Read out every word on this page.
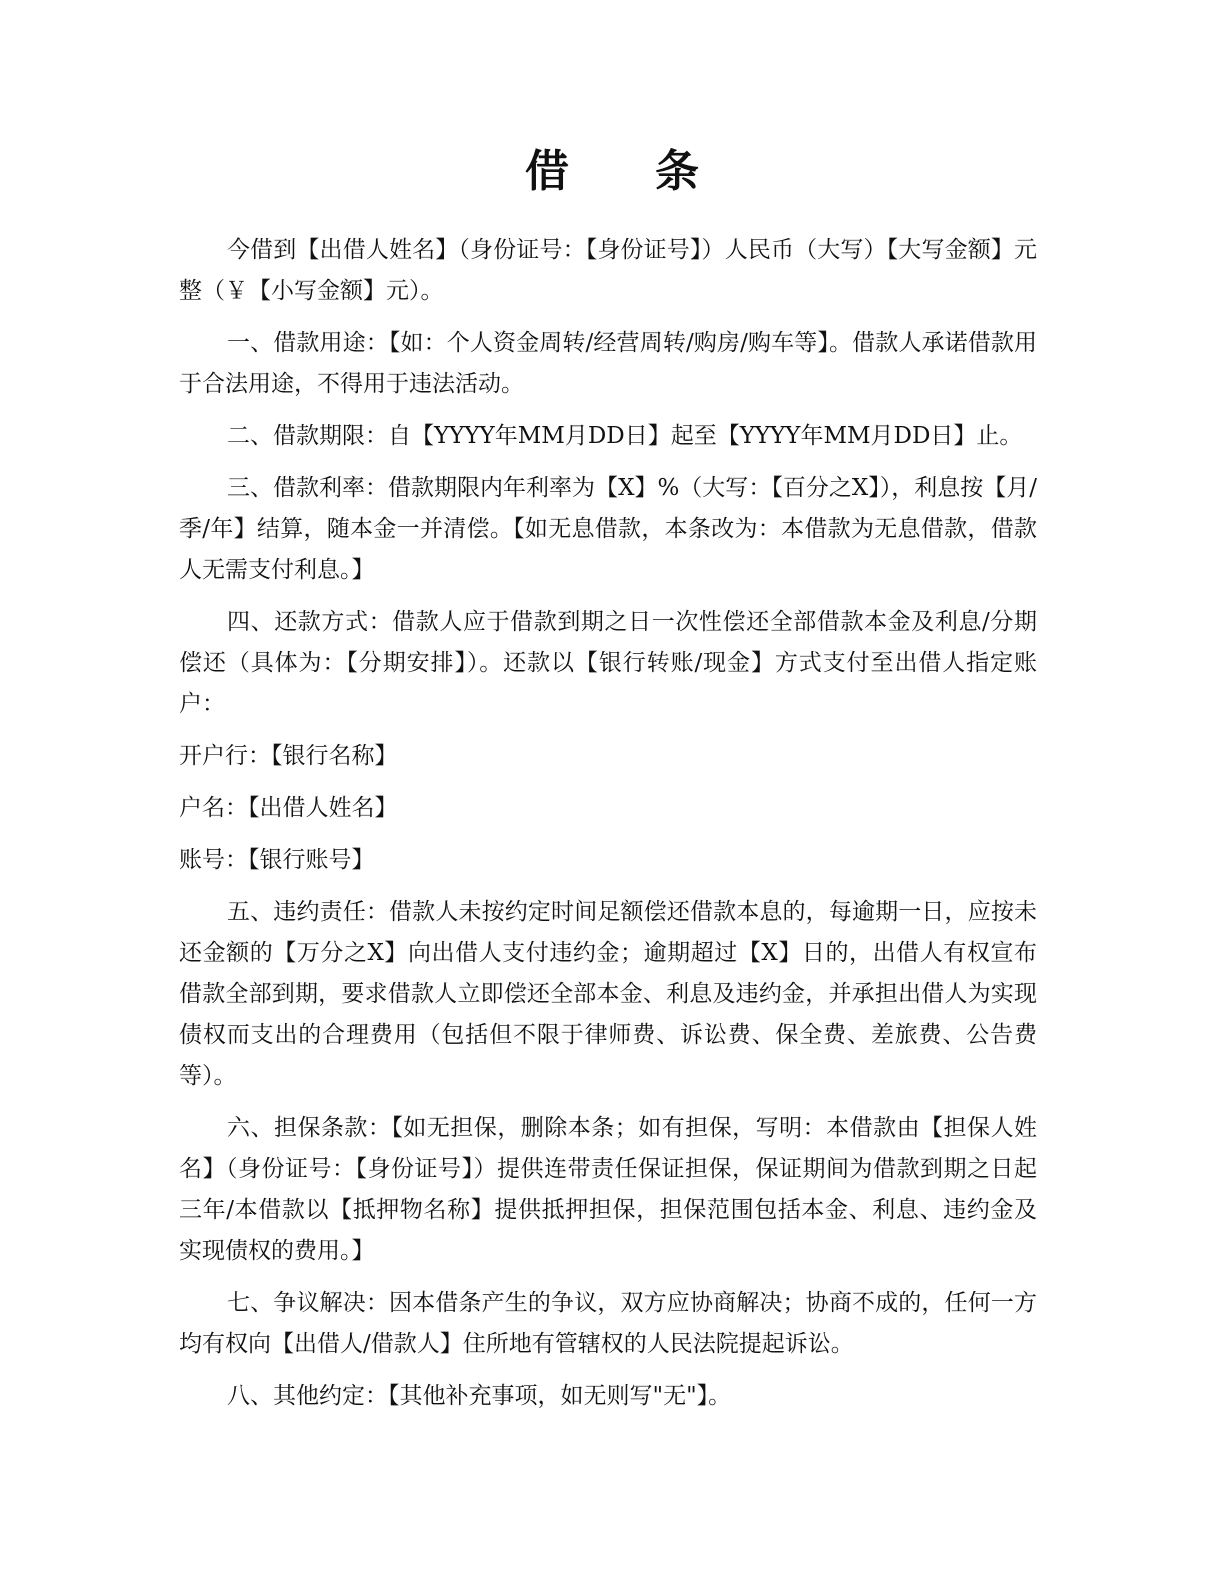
借 条

今借到【出借人姓名】（身份证号：【身份证号】）人民币（大写）【大写金额】元整（￥【小写金额】元）。

一、借款用途：【如：个人资金周转/经营周转/购房/购车等】。借款人承诺借款用于合法用途，不得用于违法活动。

二、借款期限：自【YYYY年MM月DD日】起至【YYYY年MM月DD日】止。

三、借款利率：借款期限内年利率为【X】%（大写：【百分之X】），利息按【月/季/年】结算，随本金一并清偿。【如无息借款，本条改为：本借款为无息借款，借款人无需支付利息。】

四、还款方式：借款人应于借款到期之日一次性偿还全部借款本金及利息/分期偿还（具体为：【分期安排】）。还款以【银行转账/现金】方式支付至出借人指定账户：

开户行：【银行名称】

户名：【出借人姓名】

账号：【银行账号】

五、违约责任：借款人未按约定时间足额偿还借款本息的，每逾期一日，应按未还金额的【万分之X】向出借人支付违约金；逾期超过【X】日的，出借人有权宣布借款全部到期，要求借款人立即偿还全部本金、利息及违约金，并承担出借人为实现债权而支出的合理费用（包括但不限于律师费、诉讼费、保全费、差旅费、公告费等）。

六、担保条款：【如无担保，删除本条；如有担保，写明：本借款由【担保人姓名】（身份证号：【身份证号】）提供连带责任保证担保，保证期间为借款到期之日起三年/本借款以【抵押物名称】提供抵押担保，担保范围包括本金、利息、违约金及实现债权的费用。】

七、争议解决：因本借条产生的争议，双方应协商解决；协商不成的，任何一方均有权向【出借人/借款人】住所地有管辖权的人民法院提起诉讼。

八、其他约定：【其他补充事项，如无则写"无"】。
